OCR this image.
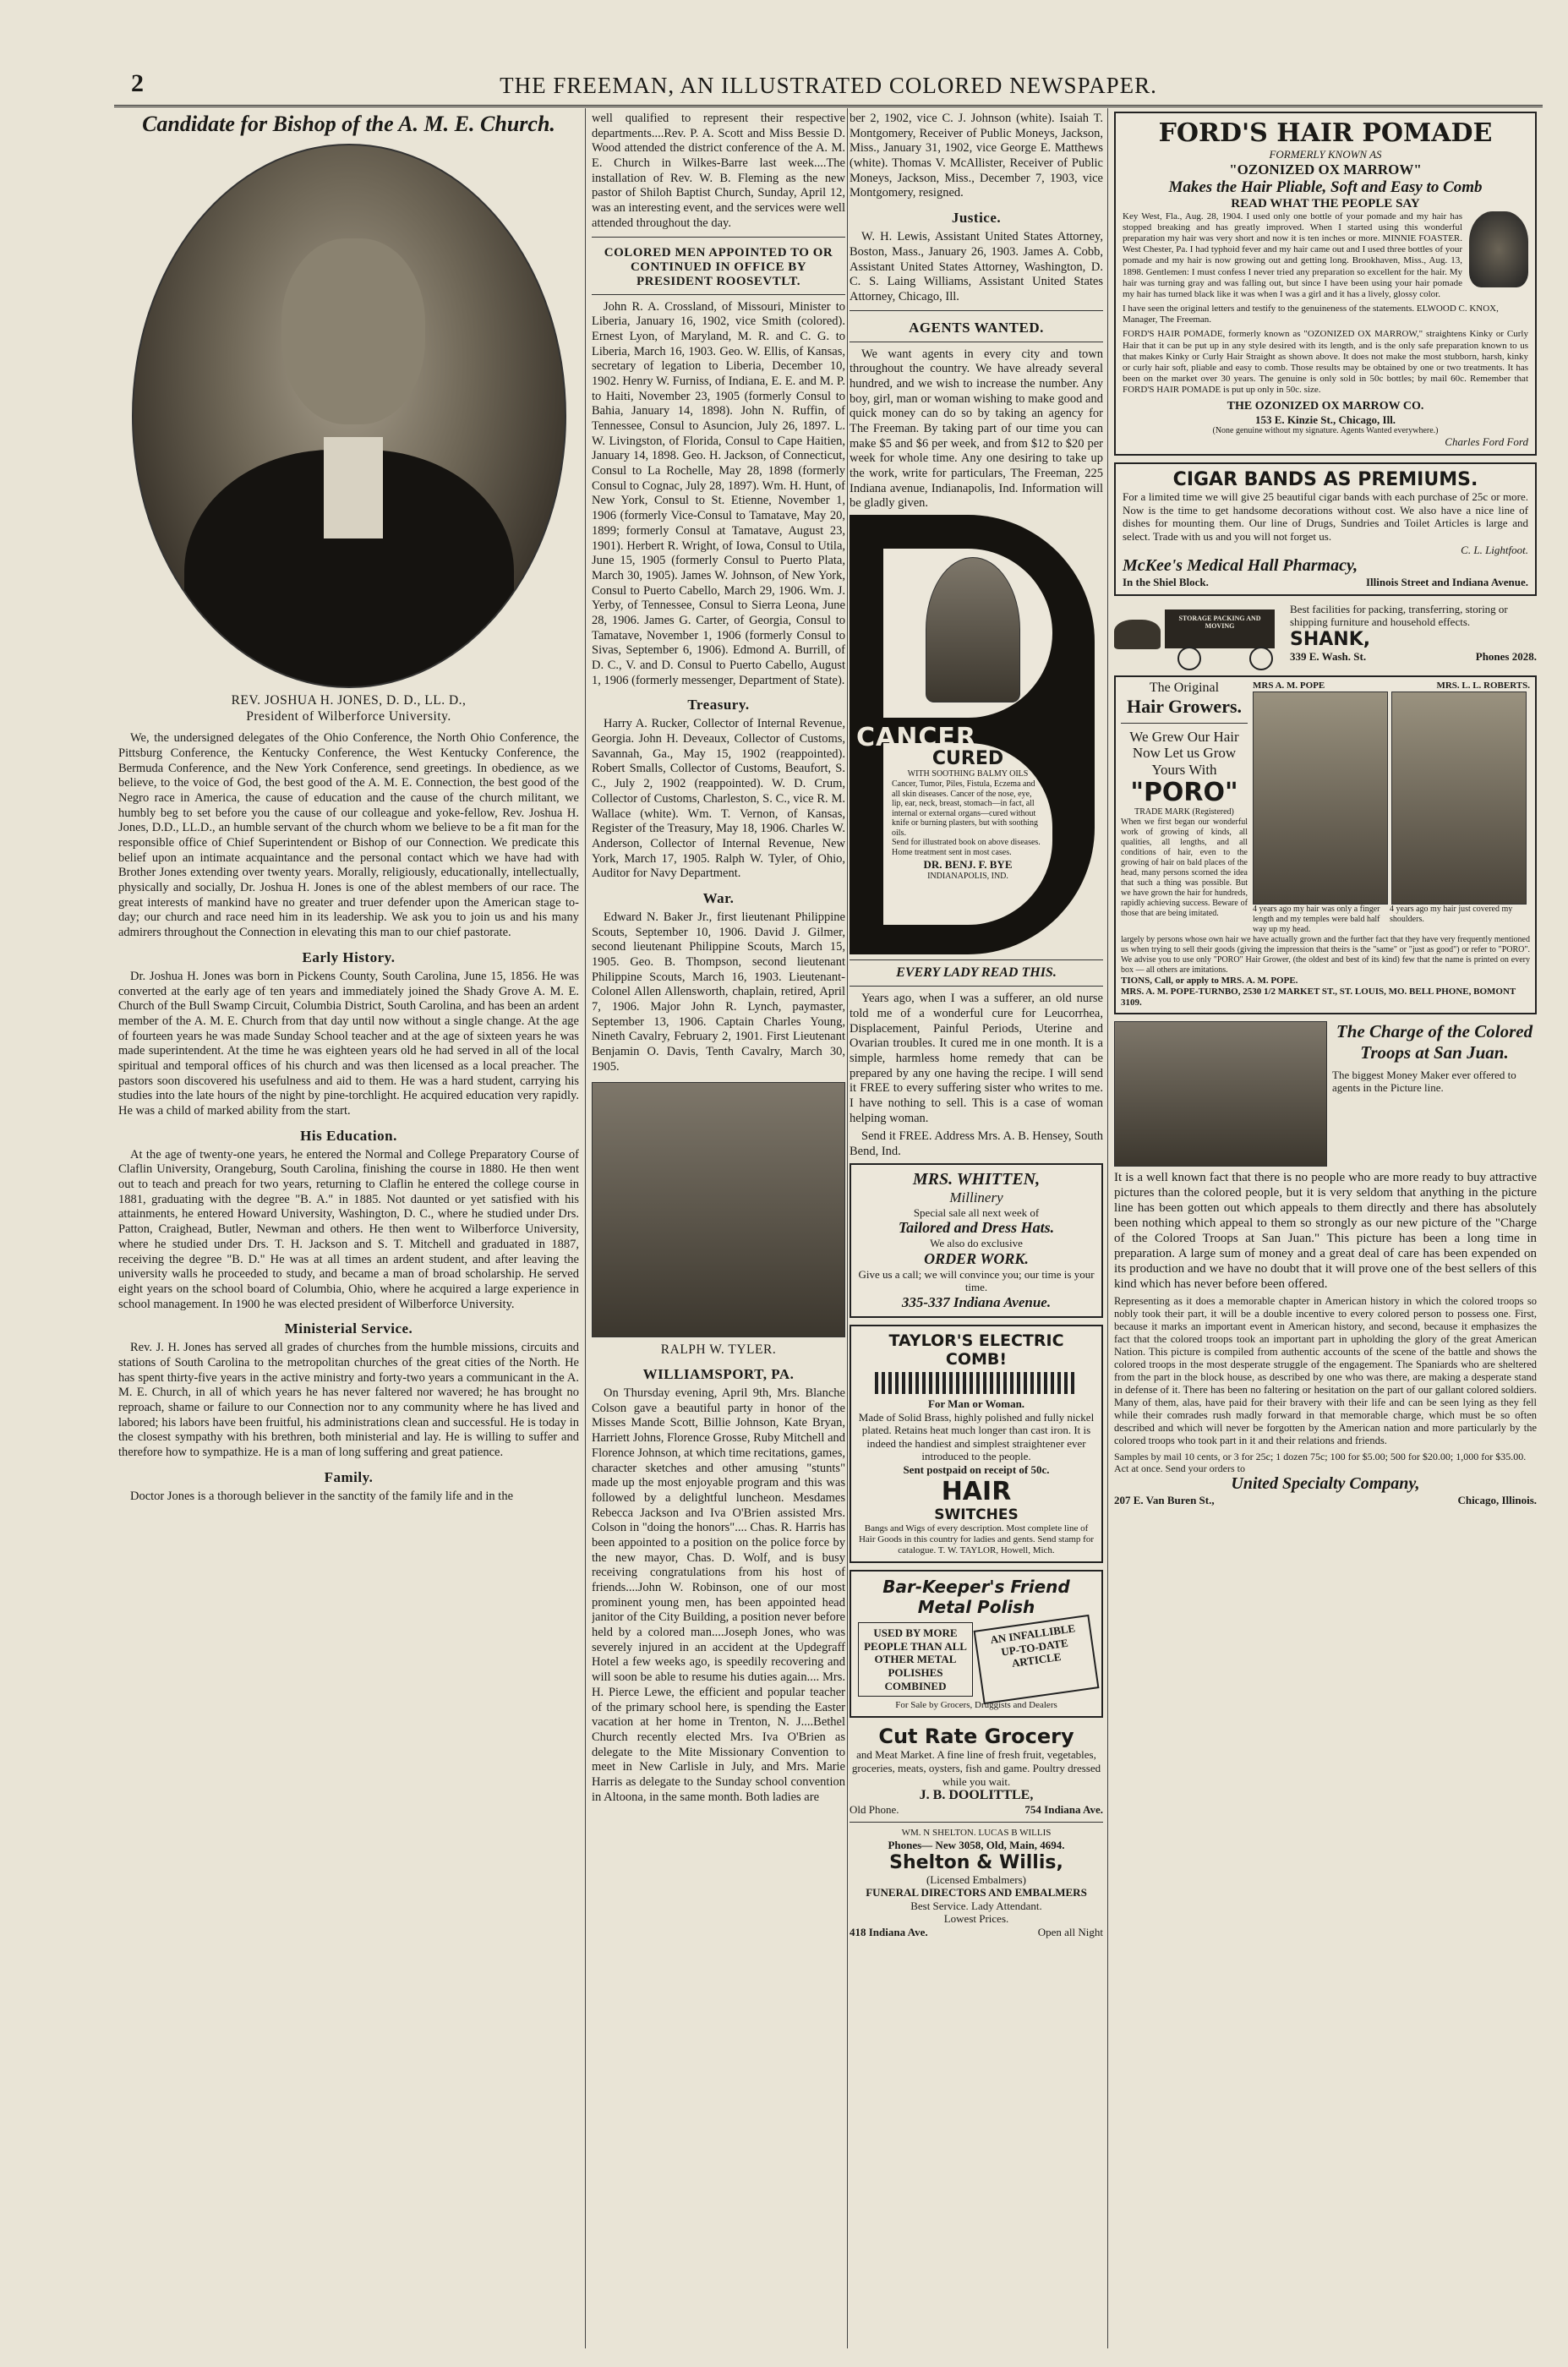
2	THE FREEMAN, AN ILLUSTRATED COLORED NEWSPAPER.
Candidate for Bishop of the A. M. E. Church.
REV. JOSHUA H. JONES, D. D., LL. D.,
President of Wilberforce University.

We, the undersigned delegates of the Ohio Conference, the North Ohio Conference, the Pittsburg Conference, the Kentucky Conference, the West Kentucky Conference, the Bermuda Conference, and the New York Conference, send greetings. In obedience, as we believe, to the voice of God, the best good of the A. M. E. Connection, the best good of the Negro race in America, the cause of education and the cause of the church militant, we humbly beg to set before you the cause of our colleague and yoke-fellow, Rev. Joshua H. Jones, D.D., LL.D., an humble servant of the church whom we believe to be a fit man for the responsible office of Chief Superintendent or Bishop of our Connection. We predicate this belief upon an intimate acquaintance and the personal contact which we have had with Brother Jones extending over twenty years. Morally, religiously, educationally, intellectually, physically and socially, Dr. Joshua H. Jones is one of the ablest members of our race. The great interests of mankind have no greater and truer defender upon the American stage to-day; our church and race need him in its leadership. We ask you to join us and his many admirers throughout the Connection in elevating this man to our chief pastorate.

Early History.

Dr. Joshua H. Jones was born in Pickens County, South Carolina, June 15, 1856. He was converted at the early age of ten years and immediately joined the Shady Grove A. M. E. Church of the Bull Swamp Circuit, Columbia District, South Carolina, and has been an ardent member of the A. M. E. Church from that day until now without a single change. At the age of fourteen years he was made Sunday School teacher and at the age of sixteen years he was made superintendent. At the time he was eighteen years old he had served in all of the local spiritual and temporal offices of his church and was then licensed as a local preacher. The pastors soon discovered his usefulness and aid to them. He was a hard student, carrying his studies into the late hours of the night by pine-torchlight. He acquired education very rapidly. He was a child of marked ability from the start.

His Education.

At the age of twenty-one years, he entered the Normal and College Preparatory Course of Claflin University, Orangeburg, South Carolina, finishing the course in 1880. He then went out to teach and preach for two years, returning to Claflin he entered the college course in 1881, graduating with the degree "B. A." in 1885. Not daunted or yet satisfied with his attainments, he entered Howard University, Washington, D. C., where he studied under Drs. Patton, Craighead, Butler, Newman and others. He then went to Wilberforce University, where he studied under Drs. T. H. Jackson and S. T. Mitchell and graduated in 1887, receiving the degree "B. D." He was at all times an ardent student, and after leaving the university walls he proceeded to study, and became a man of broad scholarship. He served eight years on the school board of Columbia, Ohio, where he acquired a large experience in school management. In 1900 he was elected president of Wilberforce University.

Ministerial Service.

Rev. J. H. Jones has served all grades of churches from the humble missions, circuits and stations of South Carolina to the metropolitan churches of the great cities of the North. He has spent thirty-five years in the active ministry and forty-two years a communicant in the A. M. E. Church, in all of which years he has never faltered nor wavered; he has brought no reproach, shame or failure to our Connection nor to any community where he has lived and labored; his labors have been fruitful, his administrations clean and successful. He is today in the closest sympathy with his brethren, both ministerial and lay. He is willing to suffer and therefore how to sympathize. He is a man of long suffering and great patience.

Family.

Doctor Jones is a thorough believer in the sanctity of the family life and in the

well qualified to represent their respective departments....Rev. P. A. Scott and Miss Bessie D. Wood attended the district conference of the A. M. E. Church in Wilkes-Barre last week....The installation of Rev. W. B. Fleming as the new pastor of Shiloh Baptist Church, Sunday, April 12, was an interesting event, and the services were well attended throughout the day.

COLORED MEN APPOINTED TO OR CONTINUED IN OFFICE BY PRESIDENT ROOSEVTLT.

John R. A. Crossland, of Missouri, Minister to Liberia, January 16, 1902, vice Smith (colored). Ernest Lyon, of Maryland, M. R. and C. G. to Liberia, March 16, 1903. Geo. W. Ellis, of Kansas, secretary of legation to Liberia, December 10, 1902. Henry W. Furniss, of Indiana, E. E. and M. P. to Haiti, November 23, 1905 (formerly Consul to Bahia, January 14, 1898). John N. Ruffin, of Tennessee, Consul to Asuncion, July 26, 1897. L. W. Livingston, of Florida, Consul to Cape Haitien, January 14, 1898. Geo. H. Jackson, of Connecticut, Consul to La Rochelle, May 28, 1898 (formerly Consul to Cognac, July 28, 1897). Wm. H. Hunt, of New York, Consul to St. Etienne, November 1, 1906 (formerly Vice-Consul to Tamatave, May 20, 1899; formerly Consul at Tamatave, August 23, 1901). Herbert R. Wright, of Iowa, Consul to Utila, June 15, 1905 (formerly Consul to Puerto Plata, March 30, 1905). James W. Johnson, of New York, Consul to Puerto Cabello, March 29, 1906. Wm. J. Yerby, of Tennessee, Consul to Sierra Leona, June 28, 1906. James G. Carter, of Georgia, Consul to Tamatave, November 1, 1906 (formerly Consul to Sivas, September 6, 1906). Edmond A. Burrill, of D. C., V. and D. Consul to Puerto Cabello, August 1, 1906 (formerly messenger, Department of State).

Treasury.

Harry A. Rucker, Collector of Internal Revenue, Georgia. John H. Deveaux, Collector of Customs, Savannah, Ga., May 15, 1902 (reappointed). Robert Smalls, Collector of Customs, Beaufort, S. C., July 2, 1902 (reappointed). W. D. Crum, Collector of Customs, Charleston, S. C., vice R. M. Wallace (white). Wm. T. Vernon, of Kansas, Register of the Treasury, May 18, 1906. Charles W. Anderson, Collector of Internal Revenue, New York, March 17, 1905. Ralph W. Tyler, of Ohio, Auditor for Navy Department.

War.

Edward N. Baker Jr., first lieutenant Philippine Scouts, September 10, 1906. David J. Gilmer, second lieutenant Philippine Scouts, March 15, 1905. Geo. B. Thompson, second lieutenant Philippine Scouts, March 16, 1903. Lieutenant-Colonel Allen Allensworth, chaplain, retired, April 7, 1906. Major John R. Lynch, paymaster, September 13, 1906. Captain Charles Young, Nineth Cavalry, February 2, 1901. First Lieutenant Benjamin O. Davis, Tenth Cavalry, March 30, 1905.

RALPH W. TYLER.
WILLIAMSPORT, PA.

On Thursday evening, April 9th, Mrs. Blanche Colson gave a beautiful party in honor of the Misses Mande Scott, Billie Johnson, Kate Bryan, Harriett Johns, Florence Grosse, Ruby Mitchell and Florence Johnson, at which time recitations, games, character sketches and other amusing "stunts" made up the most enjoyable program and this was followed by a delightful luncheon. Mesdames Rebecca Jackson and Iva O'Brien assisted Mrs. Colson in "doing the honors".... Chas. R. Harris has been appointed to a position on the police force by the new mayor, Chas. D. Wolf, and is busy receiving congratulations from his host of friends....John W. Robinson, one of our most prominent young men, has been appointed head janitor of the City Building, a position never before held by a colored man....Joseph Jones, who was severely injured in an accident at the Updegraff Hotel a few weeks ago, is speedily recovering and will soon be able to resume his duties again.... Mrs. H. Pierce Lewe, the efficient and popular teacher of the primary school here, is spending the Easter vacation at her home in Trenton, N. J....Bethel Church recently elected Mrs. Iva O'Brien as delegate to the Mite Missionary Convention to meet in New Carlisle in July, and Mrs. Marie Harris as delegate to the Sunday school convention in Altoona, in the same month. Both ladies are

ber 2, 1902, vice C. J. Johnson (white). Isaiah T. Montgomery, Receiver of Public Moneys, Jackson, Miss., January 31, 1902, vice George E. Matthews (white). Thomas V. McAllister, Receiver of Public Moneys, Jackson, Miss., December 7, 1903, vice Montgomery, resigned.

Justice.

W. H. Lewis, Assistant United States Attorney, Boston, Mass., January 26, 1903. James A. Cobb, Assistant United States Attorney, Washington, D. C. S. Laing Williams, Assistant United States Attorney, Chicago, Ill.

AGENTS WANTED.

We want agents in every city and town throughout the country. We have already several hundred, and we wish to increase the number. Any boy, girl, man or woman wishing to make good and quick money can do so by taking an agency for The Freeman. By taking part of our time you can make $5 and $6 per week, and from $12 to $20 per week for whole time. Any one desiring to take up the work, write for particulars, The Freeman, 225 Indiana avenue, Indianapolis, Ind. Information will be gladly given.

CURED
WITH SOOTHING BALMY OILS
Cancer, Tumor, Piles, Fistula, Eczema and all skin diseases. Cancer of the nose, eye, lip, ear, neck, breast, stomach—in fact, all internal or external organs—cured without knife or burning plasters, but with soothing oils.
Send for illustrated book on above diseases.
Home treatment sent in most cases.
DR. BENJ. F. BYE
INDIANAPOLIS, IND.
CANCER
EVERY LADY READ THIS.

Years ago, when I was a sufferer, an old nurse told me of a wonderful cure for Leucorrhea, Displacement, Painful Periods, Uterine and Ovarian troubles. It cured me in one month. It is a simple, harmless home remedy that can be prepared by any one having the recipe. I will send it FREE to every suffering sister who writes to me. I have nothing to sell. This is a case of woman helping woman.

Send it FREE. Address Mrs. A. B. Hensey, South Bend, Ind.

MRS. WHITTEN,
Millinery
Special sale all next week of
Tailored and Dress Hats.
We also do exclusive
ORDER WORK.
Give us a call; we will convince you; our time is your time.
335-337 Indiana Avenue.
TAYLOR'S ELECTRIC COMB!
For Man or Woman.
Made of Solid Brass, highly polished and fully nickel plated. Retains heat much longer than cast iron. It is indeed the handiest and simplest straightener ever introduced to the people.
Sent postpaid on receipt of 50c.
HAIR
SWITCHES
Bangs and Wigs of every description. Most complete line of Hair Goods in this country for ladies and gents. Send stamp for catalogue. T. W. TAYLOR, Howell, Mich.
Bar-Keeper's Friend
Metal Polish
USED BY MORE PEOPLE THAN ALL OTHER METAL POLISHES COMBINED
AN INFALLIBLE UP-TO-DATE ARTICLE
For Sale by Grocers, Druggists and Dealers
Cut Rate Grocery
and Meat Market. A fine line of fresh fruit, vegetables, groceries, meats, oysters, fish and game. Poultry dressed while you wait.
J. B. DOOLITTLE,
Old Phone.	754 Indiana Ave.
WM. N SHELTON. LUCAS B WILLIS
Phones— New 3058, Old, Main, 4694.
Shelton & Willis,
(Licensed Embalmers)
FUNERAL DIRECTORS AND EMBALMERS
Best Service. Lady Attendant.
Lowest Prices.
418 Indiana Ave.	Open all Night
FORD'S HAIR POMADE
FORMERLY KNOWN AS
"OZONIZED OX MARROW"
Makes the Hair Pliable, Soft and Easy to Comb
READ WHAT THE PEOPLE SAY
Key West, Fla., Aug. 28, 1904. I used only one bottle of your pomade and my hair has stopped breaking and has greatly improved. When I started using this wonderful preparation my hair was very short and now it is ten inches or more. MINNIE FOASTER. West Chester, Pa. I had typhoid fever and my hair came out and I used three bottles of your pomade and my hair is now growing out and getting long. Brookhaven, Miss., Aug. 13, 1898. Gentlemen: I must confess I never tried any preparation so excellent for the hair. My hair was turning gray and was falling out, but since I have been using your hair pomade my hair has turned black like it was when I was a girl and it has a lively, glossy color.
I have seen the original letters and testify to the genuineness of the statements. ELWOOD C. KNOX, Manager, The Freeman.
FORD'S HAIR POMADE, formerly known as "OZONIZED OX MARROW," straightens Kinky or Curly Hair that it can be put up in any style desired with its length, and is the only safe preparation known to us that makes Kinky or Curly Hair Straight as shown above. It does not make the most stubborn, harsh, kinky or curly hair soft, pliable and easy to comb. Those results may be obtained by one or two treatments. It has been on the market over 30 years. The genuine is only sold in 50c bottles; by mail 60c. Remember that FORD'S HAIR POMADE is put up only in 50c. size.
THE OZONIZED OX MARROW CO.
153 E. Kinzie St., Chicago, Ill.
(None genuine without my signature. Agents Wanted everywhere.)
Charles Ford Ford
CIGAR BANDS AS PREMIUMS.
For a limited time we will give 25 beautiful cigar bands with each purchase of 25c or more. Now is the time to get handsome decorations without cost. We also have a nice line of dishes for mounting them. Our line of Drugs, Sundries and Toilet Articles is large and select. Trade with us and you will not forget us.
C. L. Lightfoot.
McKee's Medical Hall Pharmacy,
In the Shiel Block.	Illinois Street and Indiana Avenue.
STORAGE PACKING AND MOVING
Best facilities for packing, transferring, storing or shipping furniture and household effects.
SHANK,
339 E. Wash. St.	Phones 2028.
The Original
Hair Growers.
We Grew Our Hair Now Let us Grow Yours With
"PORO"
TRADE MARK (Registered)
When we first began our wonderful work of growing of kinds, all qualities, all lengths, and all conditions of hair, even to the growing of hair on bald places of the head, many persons scorned the idea that such a thing was possible. But we have grown the hair for hundreds, rapidly achieving success. Beware of those that are being imitated.
MRS A. M. POPE	MRS. L. L. ROBERTS.
4 years ago my hair was only a finger length and my temples were bald half way up my head.
4 years ago my hair just covered my shoulders.
largely by persons whose own hair we have actually grown and the further fact that they have very frequently mentioned us when trying to sell their goods (giving the impression that theirs is the "same" or "just as good") or refer to "PORO". We advise you to use only "PORO" Hair Grower, (the oldest and best of its kind) few that the name is printed on every box — all others are imitations.
TIONS, Call, or apply to MRS. A. M. POPE.
MRS. A. M. POPE-TURNBO, 2530 1/2 MARKET ST., ST. LOUIS, MO. BELL PHONE, BOMONT 3109.
The Charge of the Colored Troops at San Juan.
The biggest Money Maker ever offered to agents in the Picture line.
It is a well known fact that there is no people who are more ready to buy attractive pictures than the colored people, but it is very seldom that anything in the picture line has been gotten out which appeals to them directly and there has absolutely been nothing which appeal to them so strongly as our new picture of the "Charge of the Colored Troops at San Juan." This picture has been a long time in preparation. A large sum of money and a great deal of care has been expended on its production and we have no doubt that it will prove one of the best sellers of this kind which has never before been offered.
Representing as it does a memorable chapter in American history in which the colored troops so nobly took their part, it will be a double incentive to every colored person to possess one. First, because it marks an important event in American history, and second, because it emphasizes the fact that the colored troops took an important part in upholding the glory of the great American Nation. This picture is compiled from authentic accounts of the scene of the battle and shows the colored troops in the most desperate struggle of the engagement. The Spaniards who are sheltered from the part in the block house, as described by one who was there, are making a desperate stand in defense of it. There has been no faltering or hesitation on the part of our gallant colored soldiers. Many of them, alas, have paid for their bravery with their life and can be seen lying as they fell while their comrades rush madly forward in that memorable charge, which must be so often described and which will never be forgotten by the American nation and more particularly by the colored troops who took part in it and their relations and friends.
Samples by mail 10 cents, or 3 for 25c; 1 dozen 75c; 100 for $5.00; 500 for $20.00; 1,000 for $35.00. Act at once. Send your orders to
United Specialty Company,
207 E. Van Buren St.,	Chicago, Illinois.
